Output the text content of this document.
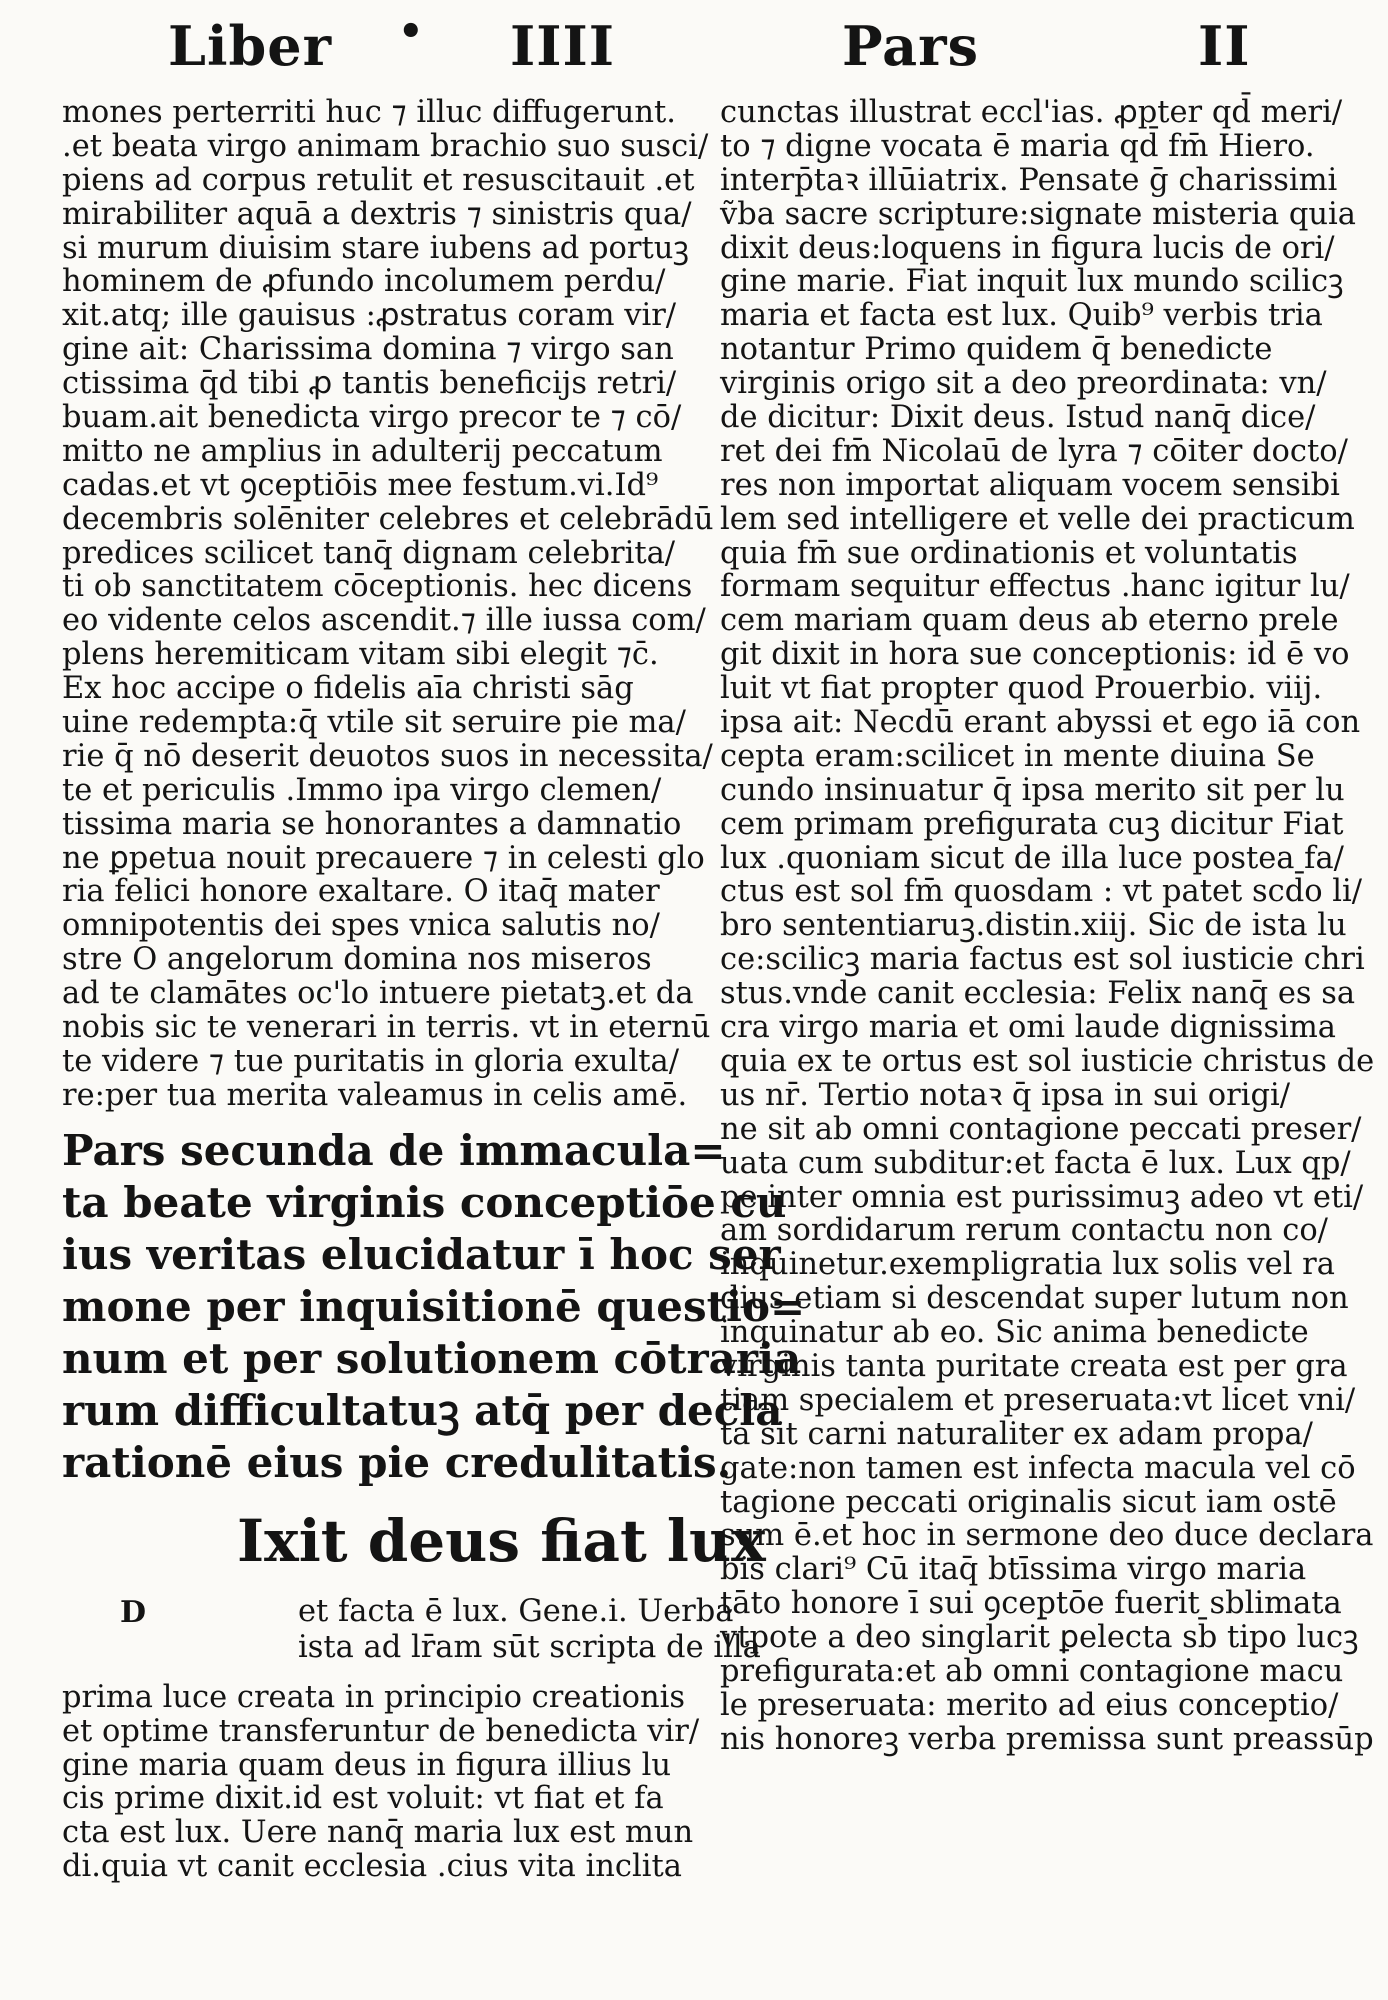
Liber • IIII	Pars	II
mones perterriti huc ⁊ illuc diffugerunt.
.et beata virgo animam brachio suo susci/
piens ad corpus retulit et resuscitauit .et
mirabiliter aquā a dextris ⁊ sinistris qua/
si murum diuisim stare iubens ad portuꝫ
hominem de ꝓfundo incolumem perdu/
xit.atq; ille gauisus :ꝓstratus coram vir/
gine ait: Charissima domina ⁊ virgo san
ctissima q̄d tibi ꝓ tantis beneficijs retri/
buam.ait benedicta virgo precor te ⁊ cō/
mitto ne amplius in adulterij peccatum
cadas.et vt ꝯceptiōis mee festum.vi.Id⁹
decembris solēniter celebres et celebrādū
predices scilicet tanq̄ dignam celebrita/
ti ob sanctitatem cōceptionis. hec dicens
eo vidente celos ascendit.⁊ ille iussa com/
plens heremiticam vitam sibi elegit ⁊c̄.
Ex hoc accipe o fidelis aīa christi sāg
uine redempta:q̄ vtile sit seruire pie ma/
rie q̄ nō deserit deuotos suos in necessita/
te et periculis .Immo ipa virgo clemen/
tissima maria se honorantes a damnatio
ne ꝑpetua nouit precauere ⁊ in celesti glo
ria felici honore exaltare. O itaq̄ mater
omnipotentis dei spes vnica salutis no/
stre O angelorum domina nos miseros
ad te clamātes oc'lo intuere pietatꝫ.et da
nobis sic te venerari in terris. vt in eternū
te videre ⁊ tue puritatis in gloria exulta/
re:per tua merita valeamus in celis amē.
Pars secunda de immacula=
ta beate virginis conceptiōe cu
ius veritas elucidatur ī hoc ser
mone per inquisitionē questio=
num et per solutionem cōtraria
rum difficultatuꝫ atq̄ per decla
rationē eius pie credulitatis.
Ixit deus fiat lux
D	et facta ē lux. Gene.i. Uerba
ista ad lr̄am sūt scripta de illa
prima luce creata in principio creationis
et optime transferuntur de benedicta vir/
gine maria quam deus in figura illius lu
cis prime dixit.id est voluit: vt fiat et fa
cta est lux. Uere nanq̄ maria lux est mun
di.quia vt canit ecclesia .cius vita inclita
cunctas illustrat eccl'ias. ꝓpter qd̄ meri/
to ⁊ digne vocata ē maria qd̄ fm̄ Hiero.
interp̄taꝛ illūiatrix. Pensate ḡ charissimi
ṽba sacre scripture:signate misteria quia
dixit deus:loquens in figura lucis de ori/
gine marie. Fiat inquit lux mundo scilicꝫ
maria et facta est lux. Quib⁹ verbis tria
notantur Primo quidem q̄ benedicte
virginis origo sit a deo preordinata: vn/
de dicitur: Dixit deus. Istud nanq̄ dice/
ret dei fm̄ Nicolaū de lyra ⁊ cōiter docto/
res non importat aliquam vocem sensibi
lem sed intelligere et velle dei practicum
quia fm̄ sue ordinationis et voluntatis
formam sequitur effectus .hanc igitur lu/
cem mariam quam deus ab eterno prele
git dixit in hora sue conceptionis: id ē vo
luit vt fiat propter quod Prouerbio. viij.
ipsa ait: Necdū erant abyssi et ego iā con
cepta eram:scilicet in mente diuina Se
cundo insinuatur q̄ ipsa merito sit per lu
cem primam prefigurata cuꝫ dicitur Fiat
lux .quoniam sicut de illa luce postea fa/
ctus est sol fm̄ quosdam : vt patet scd̄o li/
bro sententiaruꝫ.distin.xiij. Sic de ista lu
ce:scilicꝫ maria factus est sol iusticie chri
stus.vnde canit ecclesia: Felix nanq̄ es sa
cra virgo maria et omi laude dignissima
quia ex te ortus est sol iusticie christus de
us nr̄. Tertio notaꝛ q̄ ipsa in sui origi/
ne sit ab omni contagione peccati preser/
uata cum subditur:et facta ē lux. Lux qp/
pe inter omnia est purissimuꝫ adeo vt eti/
am sordidarum rerum contactu non co/
inquinetur.exempligratia lux solis vel ra
dius etiam si descendat super lutum non
inquinatur ab eo. Sic anima benedicte
virginis tanta puritate creata est per gra
tiam specialem et preseruata:vt licet vni/
ta sit carni naturaliter ex adam propa/
gate:non tamen est infecta macula vel cō
tagione peccati originalis sicut iam ostē
sum ē.et hoc in sermone deo duce declara
bis clari⁹ Cū itaq̄ btīssima virgo maria
tāto honore ī sui ꝯceptōe fuerit sblimata
vtpote a deo singlarit̄ ꝑelecta sb̄ tipo lucꝫ
prefigurata:et ab omni contagione macu
le preseruata: merito ad eius conceptio/
nis honoreꝫ verba premissa sunt preassūp
